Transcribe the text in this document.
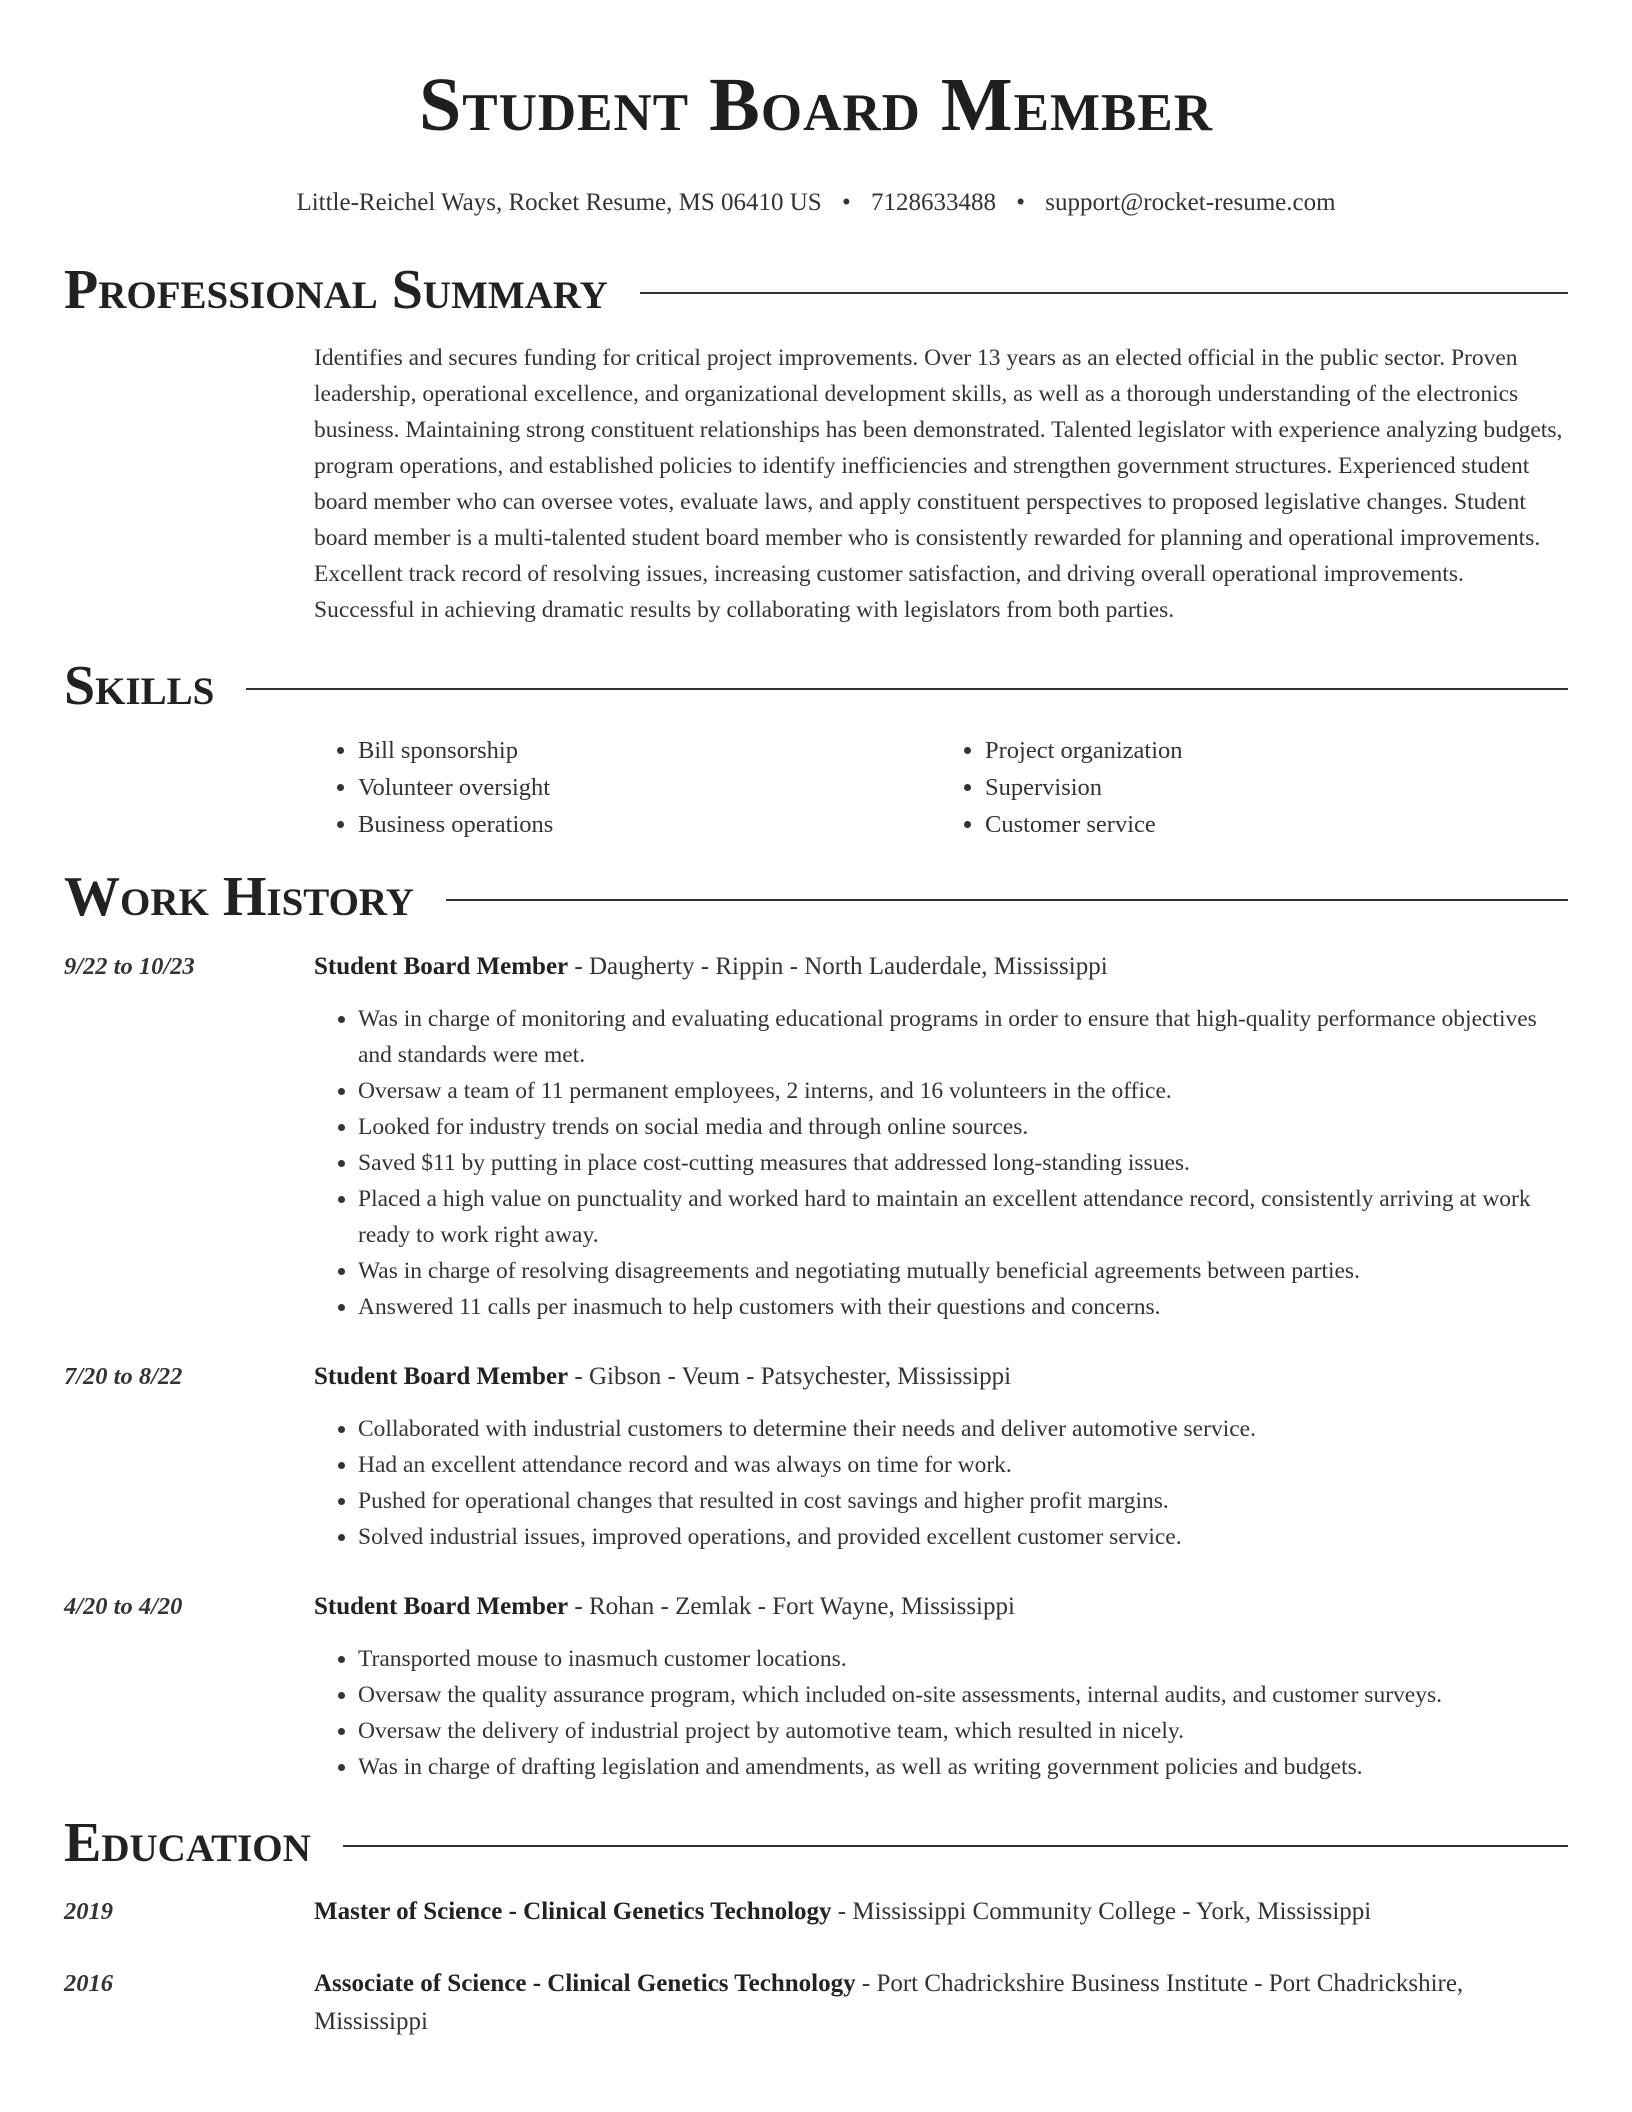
Student Board Member
Little-Reichel Ways, Rocket Resume, MS 06410 US • 7128633488 • support@rocket-resume.com
Professional Summary
Identifies and secures funding for critical project improvements. Over 13 years as an elected official in the public sector. Proven leadership, operational excellence, and organizational development skills, as well as a thorough understanding of the electronics business. Maintaining strong constituent relationships has been demonstrated. Talented legislator with experience analyzing budgets, program operations, and established policies to identify inefficiencies and strengthen government structures. Experienced student board member who can oversee votes, evaluate laws, and apply constituent perspectives to proposed legislative changes. Student board member is a multi-talented student board member who is consistently rewarded for planning and operational improvements. Excellent track record of resolving issues, increasing customer satisfaction, and driving overall operational improvements. Successful in achieving dramatic results by collaborating with legislators from both parties.
Skills
• Bill sponsorship
• Volunteer oversight
• Business operations
• Project organization
• Supervision
• Customer service
Work History
9/22 to 10/23	Student Board Member - Daugherty - Rippin - North Lauderdale, Mississippi
• Was in charge of monitoring and evaluating educational programs in order to ensure that high-quality performance objectives and standards were met.
• Oversaw a team of 11 permanent employees, 2 interns, and 16 volunteers in the office.
• Looked for industry trends on social media and through online sources.
• Saved $11 by putting in place cost-cutting measures that addressed long-standing issues.
• Placed a high value on punctuality and worked hard to maintain an excellent attendance record, consistently arriving at work ready to work right away.
• Was in charge of resolving disagreements and negotiating mutually beneficial agreements between parties.
• Answered 11 calls per inasmuch to help customers with their questions and concerns.
7/20 to 8/22	Student Board Member - Gibson - Veum - Patsychester, Mississippi
• Collaborated with industrial customers to determine their needs and deliver automotive service.
• Had an excellent attendance record and was always on time for work.
• Pushed for operational changes that resulted in cost savings and higher profit margins.
• Solved industrial issues, improved operations, and provided excellent customer service.
4/20 to 4/20	Student Board Member - Rohan - Zemlak - Fort Wayne, Mississippi
• Transported mouse to inasmuch customer locations.
• Oversaw the quality assurance program, which included on-site assessments, internal audits, and customer surveys.
• Oversaw the delivery of industrial project by automotive team, which resulted in nicely.
• Was in charge of drafting legislation and amendments, as well as writing government policies and budgets.
Education
2019	Master of Science - Clinical Genetics Technology - Mississippi Community College - York, Mississippi
2016	Associate of Science - Clinical Genetics Technology - Port Chadrickshire Business Institute - Port Chadrickshire, Mississippi
